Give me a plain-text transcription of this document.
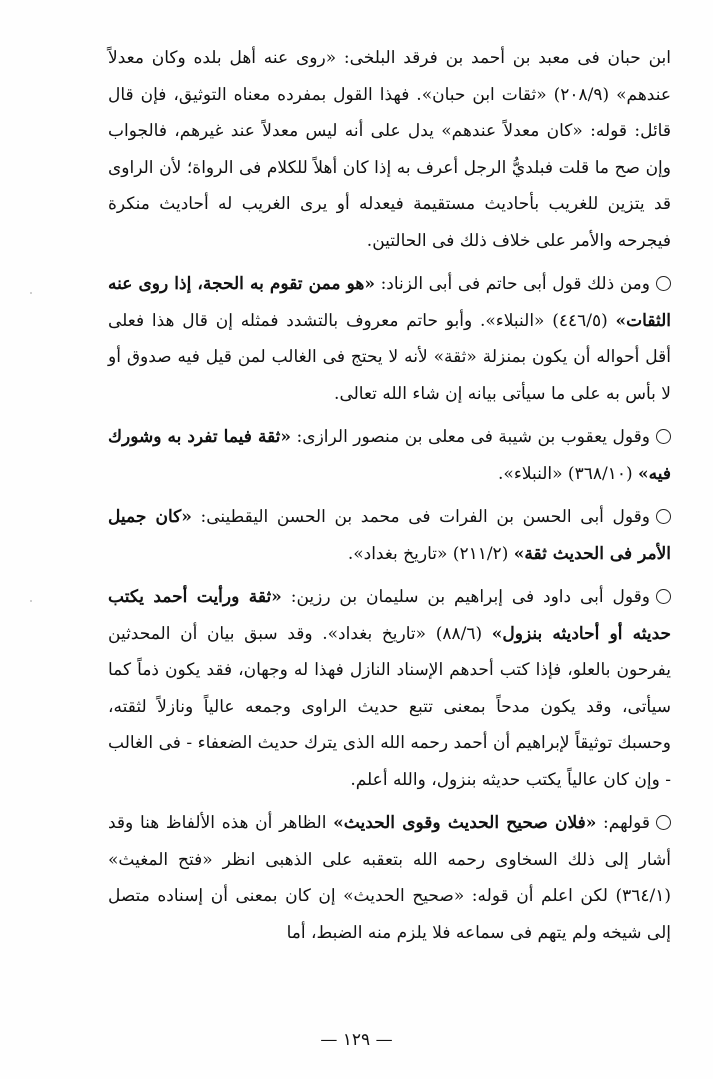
ابن حبان فى معبد بن أحمد بن فرقد البلخى: «روى عنه أهل بلده وكان معدلاً عندهم» (٢٠٨/٩) «ثقات ابن حبان». فهذا القول بمفرده معناه التوثيق، فإن قال قائل: قوله: «كان معدلاً عندهم» يدل على أنه ليس معدلاً عند غيرهم، فالجواب وإن صح ما قلت فبلديُّ الرجل أعرف به إذا كان أهلاً للكلام فى الرواة؛ لأن الراوى قد يتزين للغريب بأحاديث مستقيمة فيعدله أو يرى الغريب له أحاديث منكرة فيجرحه والأمر على خلاف ذلك فى الحالتين.

ومن ذلك قول أبى حاتم فى أبى الزناد: «هو ممن تقوم به الحجة، إذا روى عنه الثقات» (٤٤٦/٥) «النبلاء». وأبو حاتم معروف بالتشدد فمثله إن قال هذا فعلى أقل أحواله أن يكون بمنزلة «ثقة» لأنه لا يحتج فى الغالب لمن قيل فيه صدوق أو لا بأس به على ما سيأتى بيانه إن شاء الله تعالى.

وقول يعقوب بن شيبة فى معلى بن منصور الرازى: «ثقة فيما تفرد به وشورك فيه» (٣٦٨/١٠) «النبلاء».

وقول أبى الحسن بن الفرات فى محمد بن الحسن اليقطينى: «كان جميل الأمر فى الحديث ثقة» (٢١١/٢) «تاريخ بغداد».

وقول أبى داود فى إبراهيم بن سليمان بن رزين: «ثقة ورأيت أحمد يكتب حديثه أو أحاديثه بنزول» (٨٨/٦) «تاريخ بغداد». وقد سبق بيان أن المحدثين يفرحون بالعلو، فإذا كتب أحدهم الإسناد النازل فهذا له وجهان، فقد يكون ذماً كما سيأتى، وقد يكون مدحاً بمعنى تتبع حديث الراوى وجمعه عالياً ونازلاً لثقته، وحسبك توثيقاً لإبراهيم أن أحمد رحمه الله الذى يترك حديث الضعفاء - فى الغالب - وإن كان عالياً يكتب حديثه بنزول، والله أعلم.

قولهم: «فلان صحيح الحديث وقوى الحديث» الظاهر أن هذه الألفاظ هنا وقد أشار إلى ذلك السخاوى رحمه الله بتعقبه على الذهبى انظر «فتح المغيث» (٣٦٤/١) لكن اعلم أن قوله: «صحيح الحديث» إن كان بمعنى أن إسناده متصل إلى شيخه ولم يتهم فى سماعه فلا يلزم منه الضبط، أما

— ١٢٩ —
